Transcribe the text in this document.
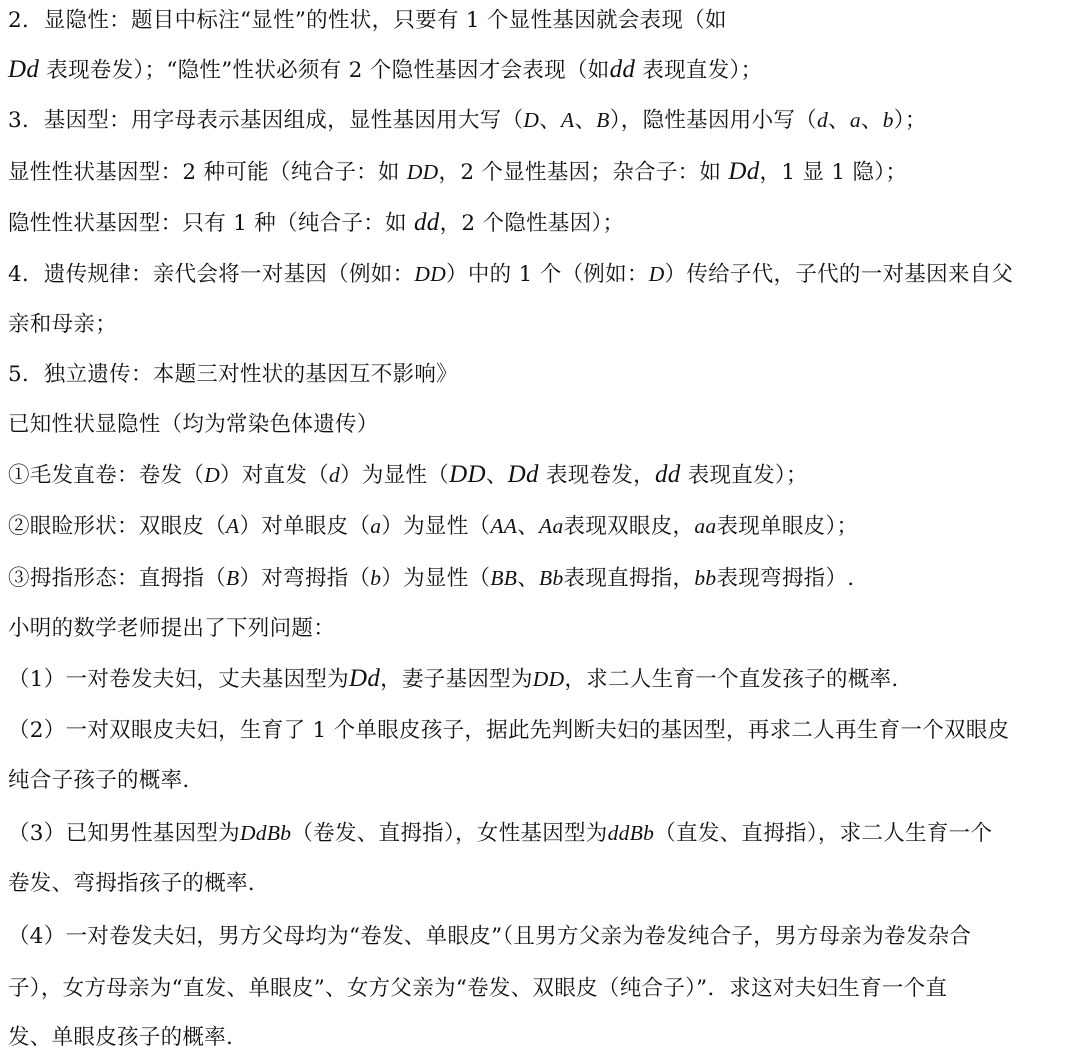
2．显隐性：题目中标注“显性”的性状，只要有 1 个显性基因就会表现（如
Dd 表现卷发）；“隐性”性状必须有 2 个隐性基因才会表现（如dd 表现直发）；
3．基因型：用字母表示基因组成，显性基因用大写（D、A、B），隐性基因用小写（d、a、b）；
显性性状基因型：2 种可能（纯合子：如 DD，2 个显性基因；杂合子：如 Dd，1 显 1 隐）；
隐性性状基因型：只有 1 种（纯合子：如 dd，2 个隐性基因）；
4．遗传规律：亲代会将一对基因（例如：DD）中的 1 个（例如：D）传给子代，子代的一对基因来自父
亲和母亲；
5．独立遗传：本题三对性状的基因互不影响》
已知性状显隐性（均为常染色体遗传）
①毛发直卷：卷发（D）对直发（d）为显性（DD、Dd 表现卷发，dd 表现直发）；
②眼睑形状：双眼皮（A）对单眼皮（a）为显性（AA、Aa表现双眼皮，aa表现单眼皮）；
③拇指形态：直拇指（B）对弯拇指（b）为显性（BB、Bb表现直拇指，bb表现弯拇指）.
小明的数学老师提出了下列问题：
（1）一对卷发夫妇，丈夫基因型为Dd，妻子基因型为DD，求二人生育一个直发孩子的概率.
（2）一对双眼皮夫妇，生育了 1 个单眼皮孩子，据此先判断夫妇的基因型，再求二人再生育一个双眼皮
纯合子孩子的概率.
（3）已知男性基因型为DdBb（卷发、直拇指），女性基因型为ddBb（直发、直拇指），求二人生育一个
卷发、弯拇指孩子的概率.
（4）一对卷发夫妇，男方父母均为“卷发、单眼皮”（且男方父亲为卷发纯合子，男方母亲为卷发杂合
子），女方母亲为“直发、单眼皮”、女方父亲为“卷发、双眼皮（纯合子）”．求这对夫妇生育一个直
发、单眼皮孩子的概率.
